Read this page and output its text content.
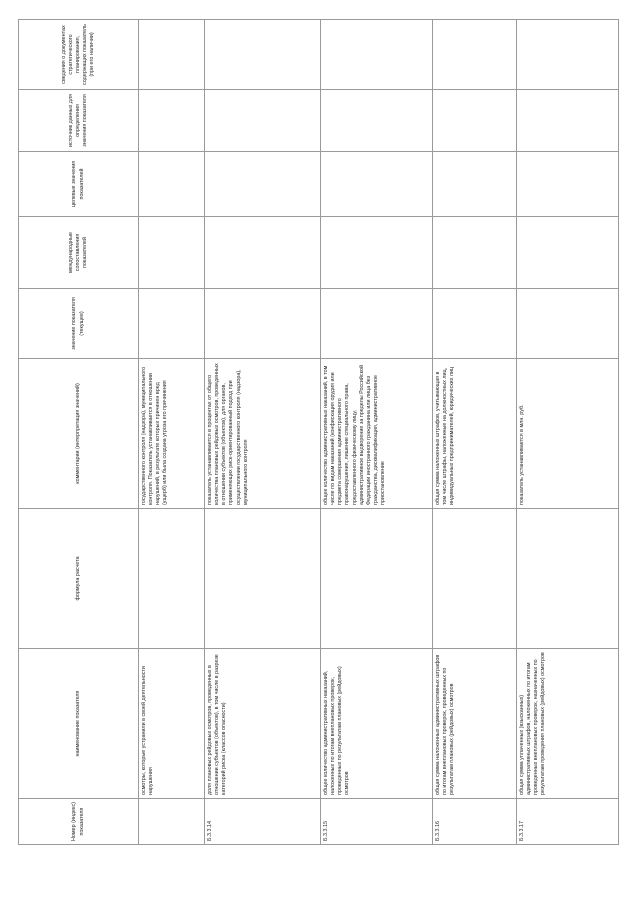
Номер (индекс) показателя	наименование показателя	формула расчета	комментарии (интерпретация значений)	значение показателя (текущее)	международные сопоставления показателей	целевые значения показателей	источник данных для определения значения показателя	сведения о документах стратегического планирования, содержащих показатель (при его наличии)
	осмотры, которые устранили в своей деятельности нарушения		государственного контроля (надзора), муниципального контроля. Показатель устанавливается в отношении нарушений, в результате которых причинен вред (ущерб) или была создана угроза его причинения					
Б.3.3.14	доля плановых рейдовых осмотров, проведенных в отношении субъектов (объектов), в том числе в разрезе категорий риска (классов опасности)		показатель устанавливается в процентах от общего количества плановых рейдовых осмотров, проведенных в отношении субъектов (объектов), для органов, применяющих риск-ориентированный подход при осуществлении государственного контроля (надзора), муниципального контроля					
Б.3.3.15	общее количество административных наказаний, наложенных по итогам внеплановых проверок, проведенных по результатам плановых (рейдовых) осмотров		общее количество административных наказаний, в том числе по видам наказаний (конфискация орудия или предмета совершения административного правонарушения, лишение специального права, предоставленного физическому лицу, административное выдворение за пределы Российской Федерации иностранного гражданина или лица без гражданства, дисквалификация, административное приостановление					
Б.3.3.16	общая сумма наложенных административных штрафов по итогам внеплановых проверок, проведенных по результатам плановых (рейдовых) осмотров		общая сумма наложенных штрафов, учитывающая в том числе штрафы, наложенные на должностных лиц, индивидуальных предпринимателей, юридических лиц					
Б.3.3.17	общая сумма уплаченных (взысканных) административных штрафов, наложенных по итогам проведенных внеплановых проверок, назначенных по результатам проведения плановых (рейдовых) осмотров		показатель устанавливается в млн. руб.					
